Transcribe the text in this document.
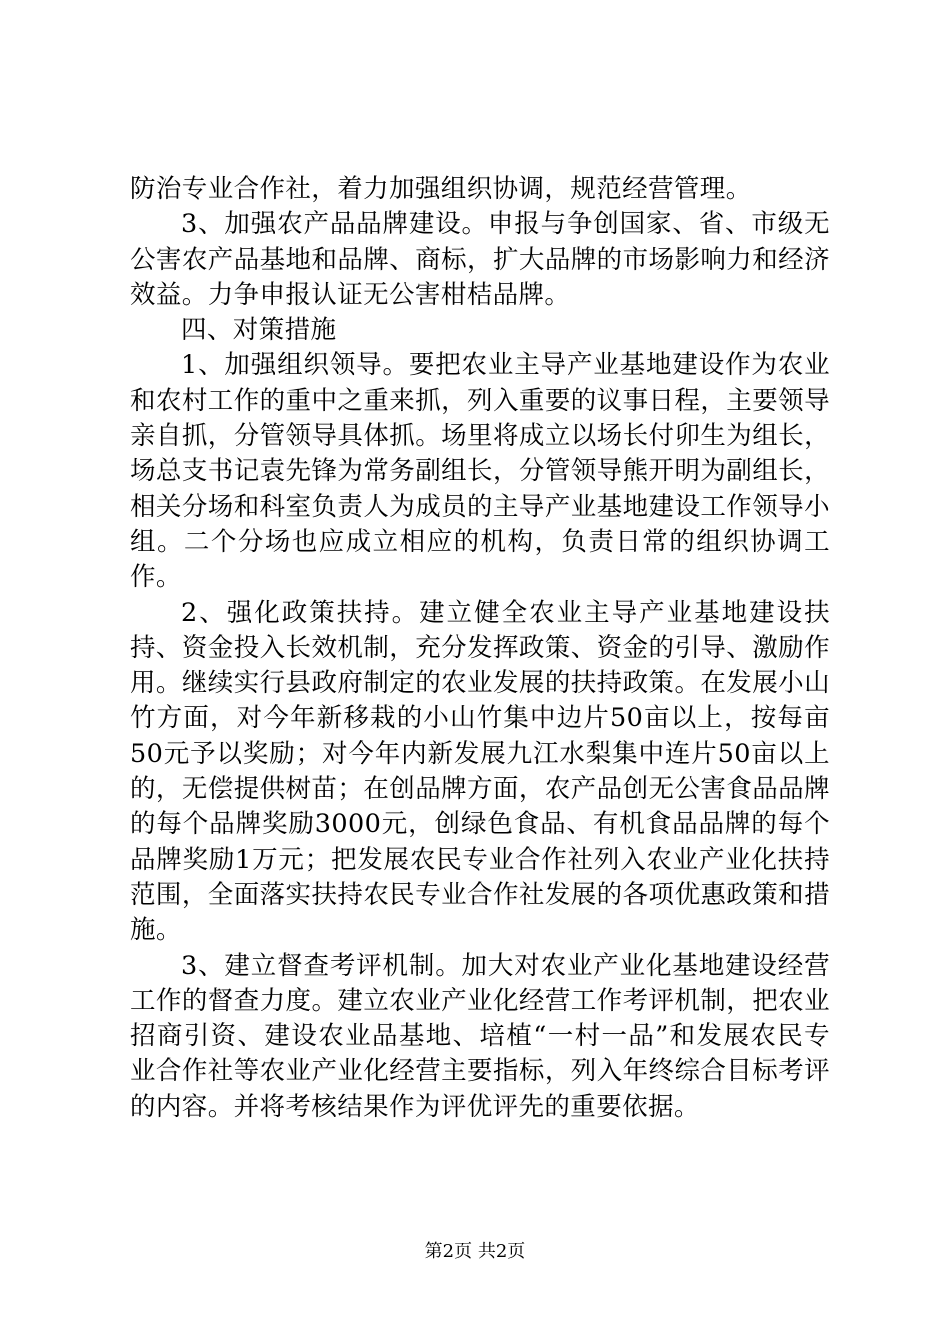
防治专业合作社，着力加强组织协调，规范经营管理。

3、加强农产品品牌建设。申报与争创国家、省、市级无公害农产品基地和品牌、商标，扩大品牌的市场影响力和经济效益。力争申报认证无公害柑桔品牌。

四、对策措施

1、加强组织领导。要把农业主导产业基地建设作为农业和农村工作的重中之重来抓，列入重要的议事日程，主要领导亲自抓，分管领导具体抓。场里将成立以场长付卯生为组长，场总支书记袁先锋为常务副组长，分管领导熊开明为副组长，相关分场和科室负责人为成员的主导产业基地建设工作领导小组。二个分场也应成立相应的机构，负责日常的组织协调工作。

2、强化政策扶持。建立健全农业主导产业基地建设扶持、资金投入长效机制，充分发挥政策、资金的引导、激励作用。继续实行县政府制定的农业发展的扶持政策。在发展小山竹方面，对今年新移栽的小山竹集中边片50亩以上，按每亩50元予以奖励；对今年内新发展九江水梨集中连片50亩以上的，无偿提供树苗；在创品牌方面，农产品创无公害食品品牌的每个品牌奖励3000元，创绿色食品、有机食品品牌的每个品牌奖励1万元；把发展农民专业合作社列入农业产业化扶持范围，全面落实扶持农民专业合作社发展的各项优惠政策和措施。

3、建立督查考评机制。加大对农业产业化基地建设经营工作的督查力度。建立农业产业化经营工作考评机制，把农业招商引资、建设农业品基地、培植“一村一品”和发展农民专业合作社等农业产业化经营主要指标，列入年终综合目标考评的内容。并将考核结果作为评优评先的重要依据。

第2页 共2页
